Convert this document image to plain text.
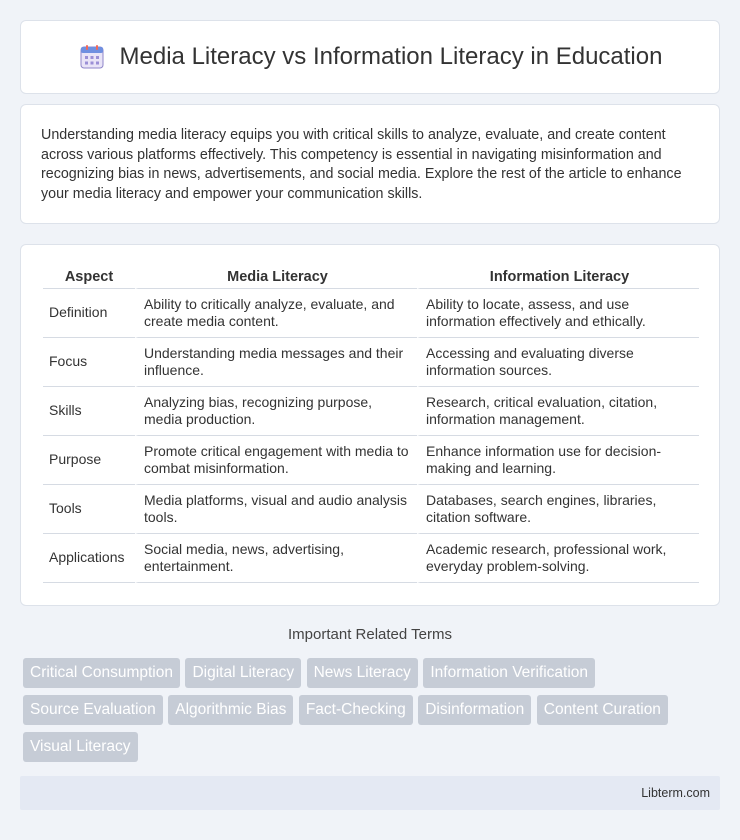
Media Literacy vs Information Literacy in Education

Understanding media literacy equips you with critical skills to analyze, evaluate, and create content across various platforms effectively. This competency is essential in navigating misinformation and recognizing bias in news, advertisements, and social media. Explore the rest of the article to enhance your media literacy and empower your communication skills.

Aspect	Media Literacy	Information Literacy
Definition	Ability to critically analyze, evaluate, and create media content.	Ability to locate, assess, and use information effectively and ethically.
Focus	Understanding media messages and their influence.	Accessing and evaluating diverse information sources.
Skills	Analyzing bias, recognizing purpose, media production.	Research, critical evaluation, citation, information management.
Purpose	Promote critical engagement with media to combat misinformation.	Enhance information use for decision-making and learning.
Tools	Media platforms, visual and audio analysis tools.	Databases, search engines, libraries, citation software.
Applications	Social media, news, advertising, entertainment.	Academic research, professional work, everyday problem-solving.
Important Related Terms
Critical Consumption Digital Literacy News Literacy Information Verification Source Evaluation Algorithmic Bias Fact-Checking Disinformation Content Curation Visual Literacy
Libterm.com
